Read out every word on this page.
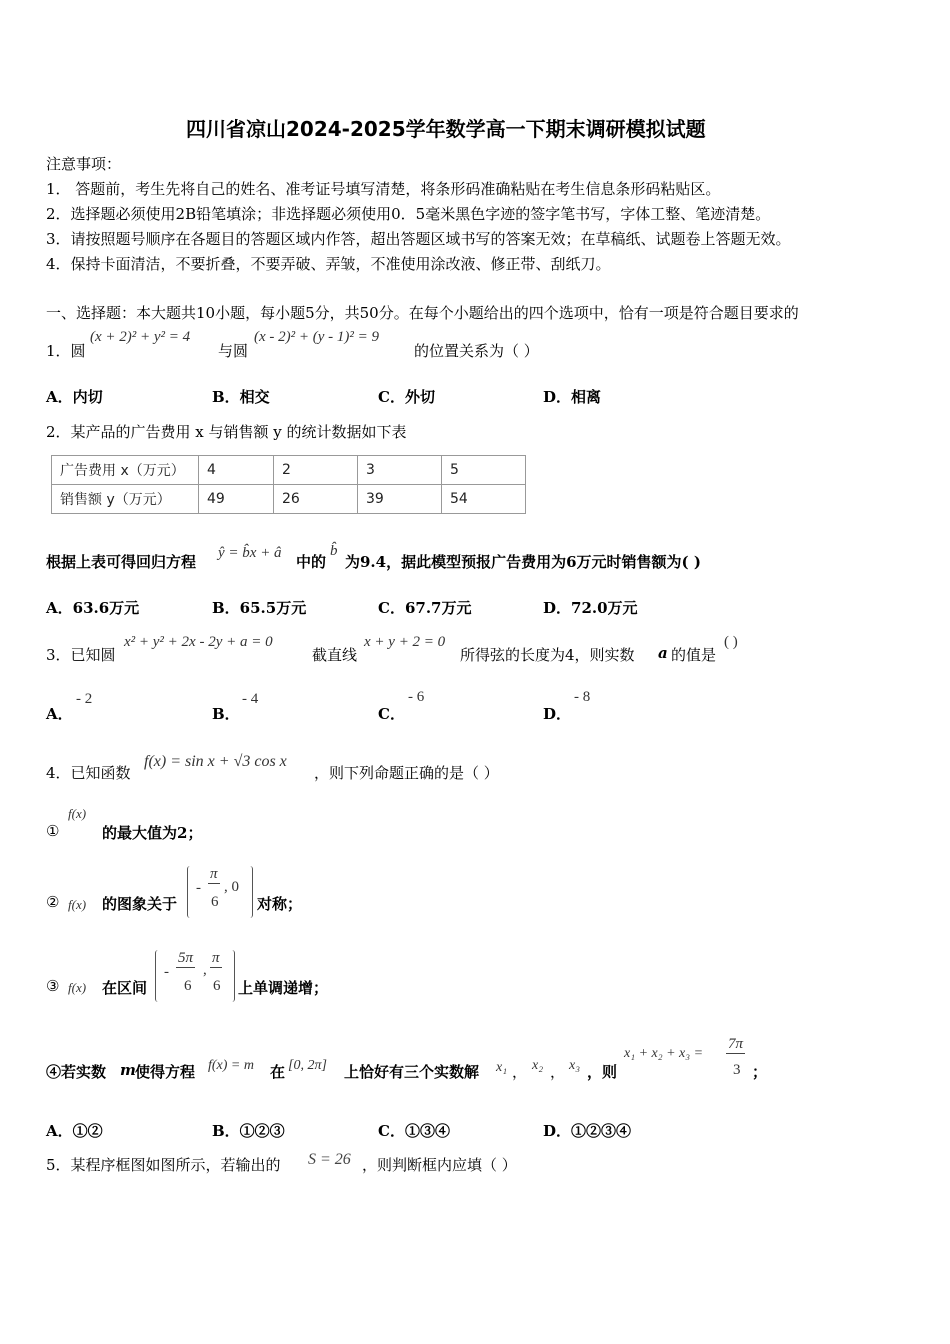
四川省凉山2024-2025学年数学高一下期末调研模拟试题
注意事项：
1． 答题前，考生先将自己的姓名、准考证号填写清楚，将条形码准确粘贴在考生信息条形码粘贴区。
2．选择题必须使用2B铅笔填涂；非选择题必须使用0．5毫米黑色字迹的签字笔书写，字体工整、笔迹清楚。
3．请按照题号顺序在各题目的答题区域内作答，超出答题区域书写的答案无效；在草稿纸、试题卷上答题无效。
4．保持卡面清洁，不要折叠，不要弄破、弄皱，不准使用涂改液、修正带、刮纸刀。
一、选择题：本大题共10小题，每小题5分，共50分。在每个小题给出的四个选项中，恰有一项是符合题目要求的
1．圆
(x + 2)² + y² = 4
与圆
(x - 2)² + (y - 1)² = 9
的位置关系为（ ）
A．内切	B．相交	C．外切	D．相离
2．某产品的广告费用 x 与销售额 y 的统计数据如下表
广告费用 x（万元）	4	2	3	5
销售额 y（万元）	49	26	39	54
根据上表可得回归方程 ŷ = b̂x + â 中的
b̂
为9.4，据此模型预报广告费用为6万元时销售额为( )
A．63.6万元	B．65.5万元	C．67.7万元	D．72.0万元
3．已知圆
x² + y² + 2x - 2y + a = 0
截直线
x + y + 2 = 0
所得弦的长度为4，则实数 a 的值是
( )
A．
- 2
B．
- 4
C．
- 6
D．
- 8
4．已知函数
f(x) = sin x + √3 cos x
，则下列命题正确的是（ ）
①
f(x)
的最大值为2；
② f(x) 的图象关于
-
π
6
, 0
对称；
③ f(x) 在区间
-
5π
6
,
π
6 上单调递增；
④若实数 m 使得方程 f(x) = m 在 [0, 2π] 上恰好有三个实数解 x₁ ， x₂ ， x₃ ，则
x₁ + x₂ + x₃ =
7π
3 ；
A．①②	B．①②③	C．①③④	D．①②③④
5．某程序框图如图所示，若输出的 S = 26 ，则判断框内应填（ ）
